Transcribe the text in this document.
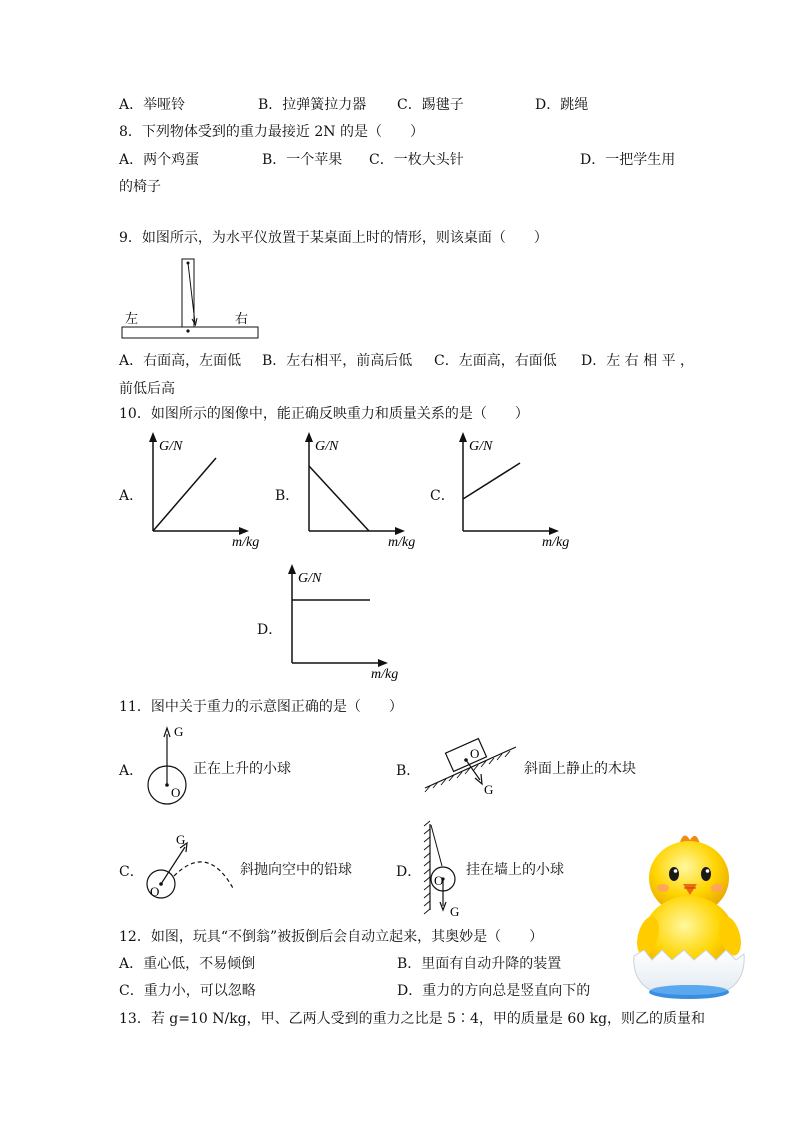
A．举哑铃	B．拉弹簧拉力器 C．踢毽子	D．跳绳
8．下列物体受到的重力最接近 2N 的是（　　）
A．两个鸡蛋	B．一个苹果 C．一枚大头针	D．一把学生用
的椅子
9．如图所示，为水平仪放置于某桌面上时的情形，则该桌面（　　）
左	右
A．右面高，左面低 B．左右相平，前高后低 C．左面高，右面低 D．左 右 相 平 ，
前低后高
10．如图所示的图像中，能正确反映重力和质量关系的是（　　）
A．
G/N
m/kg
B．
G/N
m/kg
C．
G/N
m/kg
D．
G/N
m/kg
11．图中关于重力的示意图正确的是（　　）
A．
G
O
正在上升的小球	B．
O
G
斜面上静止的木块
C．
G
O
斜抛向空中的铅球	D．
O
G
挂在墙上的小球
12．如图，玩具“不倒翁”被扳倒后会自动立起来，其奥妙是（　　）
A．重心低，不易倾倒	B．里面有自动升降的装置
C．重力小，可以忽略	D．重力的方向总是竖直向下的
13．若 g=10 N/kg，甲、乙两人受到的重力之比是 5∶4，甲的质量是 60 kg，则乙的质量和
